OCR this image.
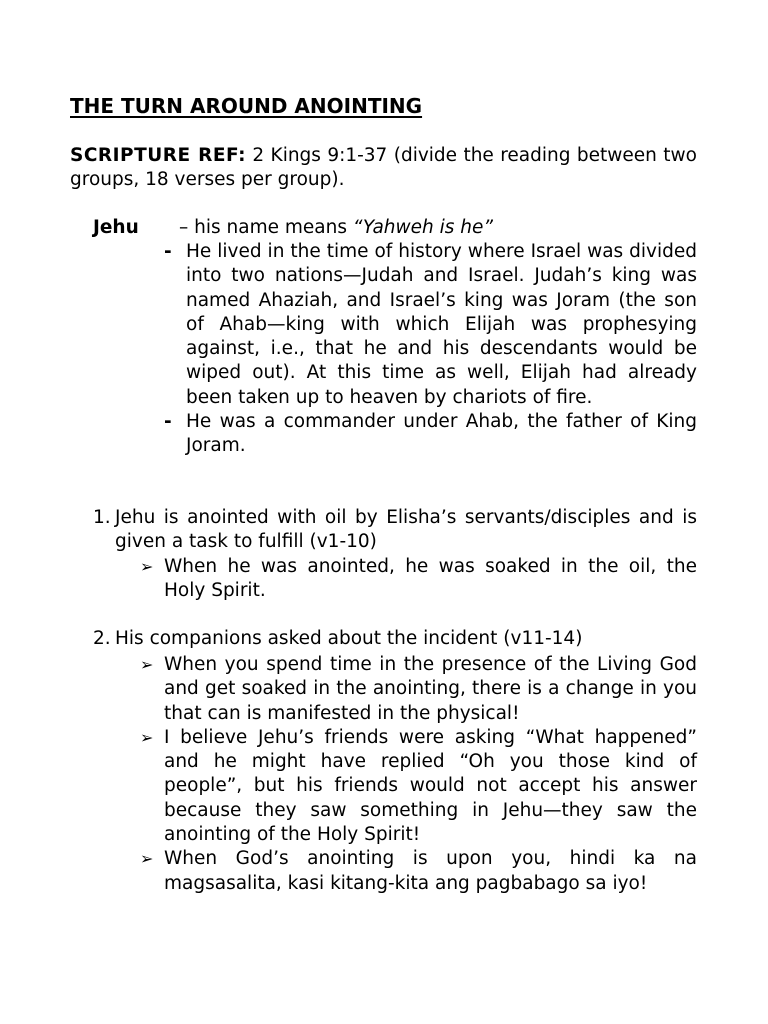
THE TURN AROUND ANOINTING
SCRIPTURE REF: 2 Kings 9:1-37 (divide the reading between two groups, 18 verses per group).
Jehu – his name means “Yahweh is he”
- He lived in the time of history where Israel was divided into two nations—Judah and Israel. Judah’s king was named Ahaziah, and Israel’s king was Joram (the son of Ahab—king with which Elijah was prophesying against, i.e., that he and his descendants would be wiped out). At this time as well, Elijah had already been taken up to heaven by chariots of fire.
- He was a commander under Ahab, the father of King Joram.
1. Jehu is anointed with oil by Elisha’s servants/disciples and is given a task to fulfill (v1-10)
➢ When he was anointed, he was soaked in the oil, the Holy Spirit.
2. His companions asked about the incident (v11-14)
➢ When you spend time in the presence of the Living God and get soaked in the anointing, there is a change in you that can is manifested in the physical!
➢ I believe Jehu’s friends were asking “What happened” and he might have replied “Oh you those kind of people”, but his friends would not accept his answer because they saw something in Jehu—they saw the anointing of the Holy Spirit!
➢ When God’s anointing is upon you, hindi ka na magsasalita, kasi kitang-kita ang pagbabago sa iyo!
